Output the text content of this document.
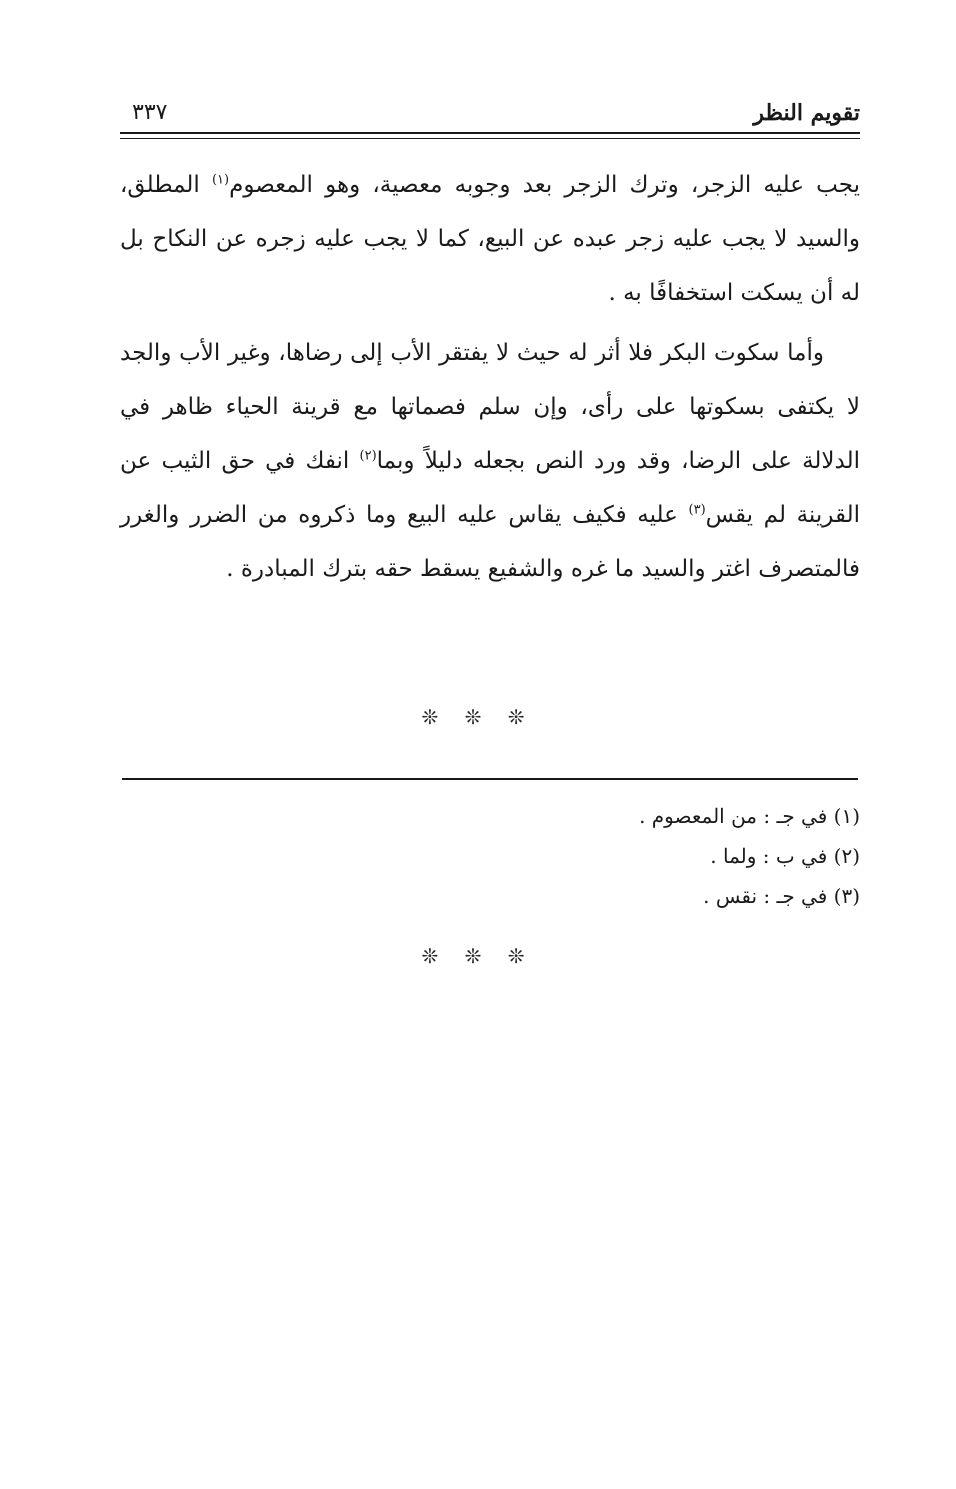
تقويم النظر
٣٣٧

يجب عليه الزجر، وترك الزجر بعد وجوبه معصية، وهو المعصوم$^{(١)}$ المطلق، والسيد لا يجب عليه زجر عبده عن البيع، كما لا يجب عليه زجره عن النكاح بل له أن يسكت استخفافًا به .

وأما سكوت البكر فلا أثر له حيث لا يفتقر الأب إلى رضاها، وغير الأب والجد لا يكتفى بسكوتها على رأى، وإن سلم فصماتها مع قرينة الحياء ظاهر في الدلالة على الرضا، وقد ورد النص بجعله دليلاً وبما$^{(٢)}$ انفك في حق الثيب عن القرينة لم يقس$^{(٣)}$ عليه فكيف يقاس عليه البيع وما ذكروه من الضرر والغرر فالمتصرف اغتر والسيد ما غره والشفيع يسقط حقه بترك المبادرة .

❊ ❊ ❊
(١) في جـ : من المعصوم .
(٢) في ب : ولما .
(٣) في جـ : نقس .
❊ ❊ ❊
